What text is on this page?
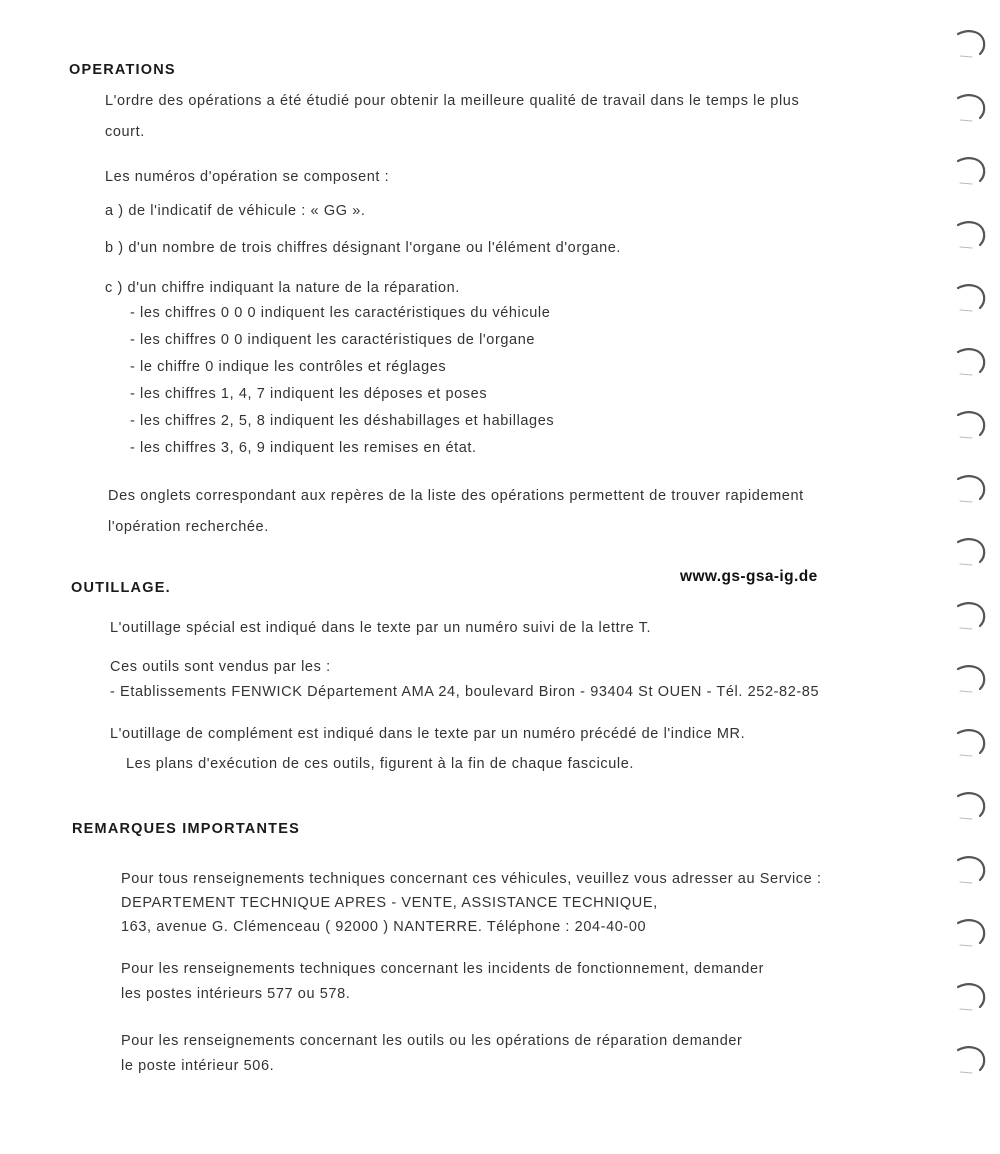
OPERATIONS
L'ordre des opérations a été étudié pour obtenir la meilleure qualité de travail dans le temps le plus
court.
Les numéros d'opération se composent :
a ) de l'indicatif de véhicule : « GG ».
b ) d'un nombre de trois chiffres désignant l'organe ou l'élément d'organe.
c ) d'un chiffre indiquant la nature de la réparation.
- les chiffres 0 0 0 indiquent les caractéristiques du véhicule
- les chiffres 0 0 indiquent les caractéristiques de l'organe
- le chiffre 0 indique les contrôles et réglages
- les chiffres 1, 4, 7 indiquent les déposes et poses
- les chiffres 2, 5, 8 indiquent les déshabillages et habillages
- les chiffres 3, 6, 9 indiquent les remises en état.
Des onglets correspondant aux repères de la liste des opérations permettent de trouver rapidement
l'opération recherchée.
OUTILLAGE.
www.gs-gsa-ig.de
L'outillage spécial est indiqué dans le texte par un numéro suivi de la lettre T.
Ces outils sont vendus par les :
- Etablissements FENWICK Département AMA 24, boulevard Biron - 93404 St OUEN - Tél. 252-82-85
L'outillage de complément est indiqué dans le texte par un numéro précédé de l'indice MR.
Les plans d'exécution de ces outils, figurent à la fin de chaque fascicule.
REMARQUES IMPORTANTES
Pour tous renseignements techniques concernant ces véhicules, veuillez vous adresser au Service :
DEPARTEMENT TECHNIQUE APRES - VENTE, ASSISTANCE TECHNIQUE,
163, avenue G. Clémenceau ( 92000 ) NANTERRE. Téléphone : 204-40-00
Pour les renseignements techniques concernant les incidents de fonctionnement, demander
les postes intérieurs 577 ou 578.
Pour les renseignements concernant les outils ou les opérations de réparation demander
le poste intérieur 506.
